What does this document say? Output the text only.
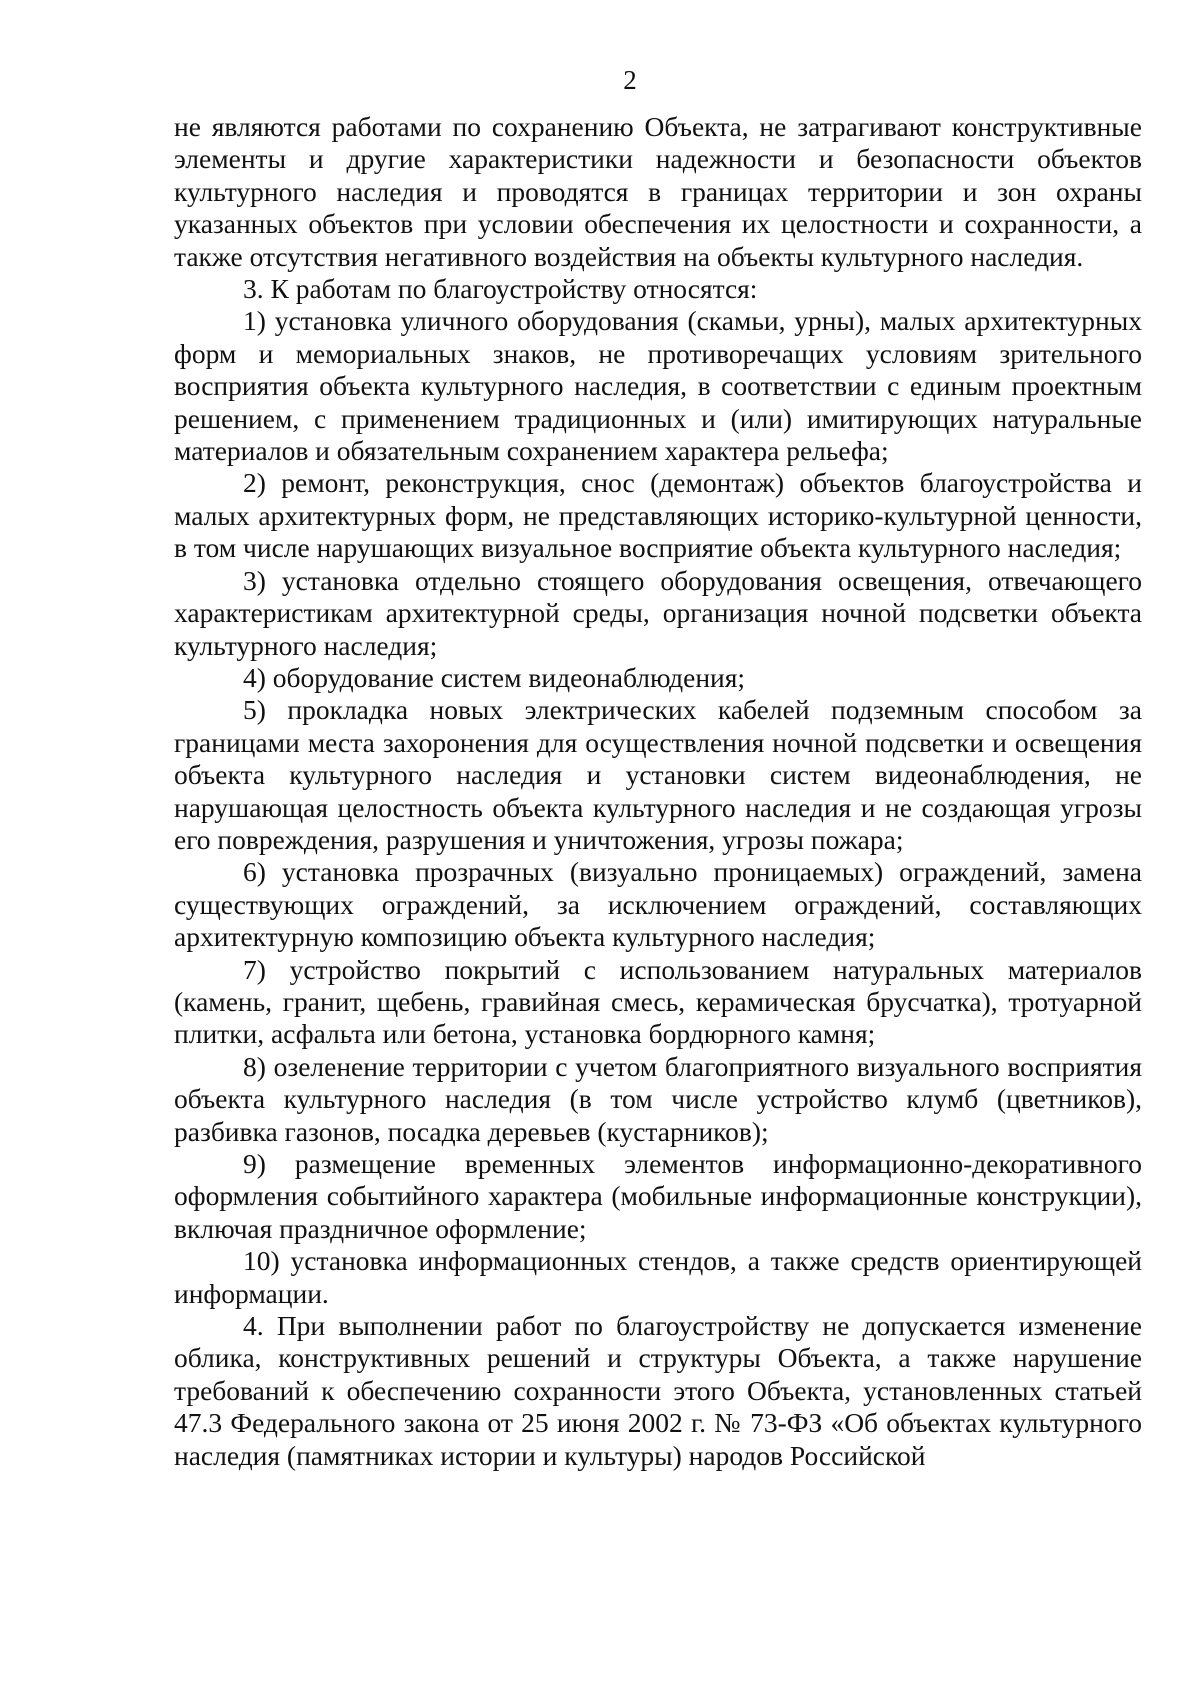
2

не являются работами по сохранению Объекта, не затрагивают конструктивные элементы и другие характеристики надежности и безопасности объектов культурного наследия и проводятся в границах территории и зон охраны указанных объектов при условии обеспечения их целостности и сохранности, а также отсутствия негативного воздействия на объекты культурного наследия.

3. К работам по благоустройству относятся:

1) установка уличного оборудования (скамьи, урны), малых архитектурных форм и мемориальных знаков, не противоречащих условиям зрительного восприятия объекта культурного наследия, в соответствии с единым проектным решением, с применением традиционных и (или) имитирующих натуральные материалов и обязательным сохранением характера рельефа;

2) ремонт, реконструкция, снос (демонтаж) объектов благоустройства и малых архитектурных форм, не представляющих историко-культурной ценности, в том числе нарушающих визуальное восприятие объекта культурного наследия;

3) установка отдельно стоящего оборудования освещения, отвечающего характеристикам архитектурной среды, организация ночной подсветки объекта культурного наследия;

4) оборудование систем видеонаблюдения;

5) прокладка новых электрических кабелей подземным способом за границами места захоронения для осуществления ночной подсветки и освещения объекта культурного наследия и установки систем видеонаблюдения, не нарушающая целостность объекта культурного наследия и не создающая угрозы его повреждения, разрушения и уничтожения, угрозы пожара;

6) установка прозрачных (визуально проницаемых) ограждений, замена существующих ограждений, за исключением ограждений, составляющих архитектурную композицию объекта культурного наследия;

7) устройство покрытий с использованием натуральных материалов (камень, гранит, щебень, гравийная смесь, керамическая брусчатка), тротуарной плитки, асфальта или бетона, установка бордюрного камня;

8) озеленение территории с учетом благоприятного визуального восприятия объекта культурного наследия (в том числе устройство клумб (цветников), разбивка газонов, посадка деревьев (кустарников);

9) размещение временных элементов информационно-декоративного оформления событийного характера (мобильные информационные конструкции), включая праздничное оформление;

10) установка информационных стендов, а также средств ориентирующей информации.

4. При выполнении работ по благоустройству не допускается изменение облика, конструктивных решений и структуры Объекта, а также нарушение требований к обеспечению сохранности этого Объекта, установленных статьей 47.3 Федерального закона от 25 июня 2002 г. № 73-ФЗ «Об объектах культурного наследия (памятниках истории и культуры) народов Российской
